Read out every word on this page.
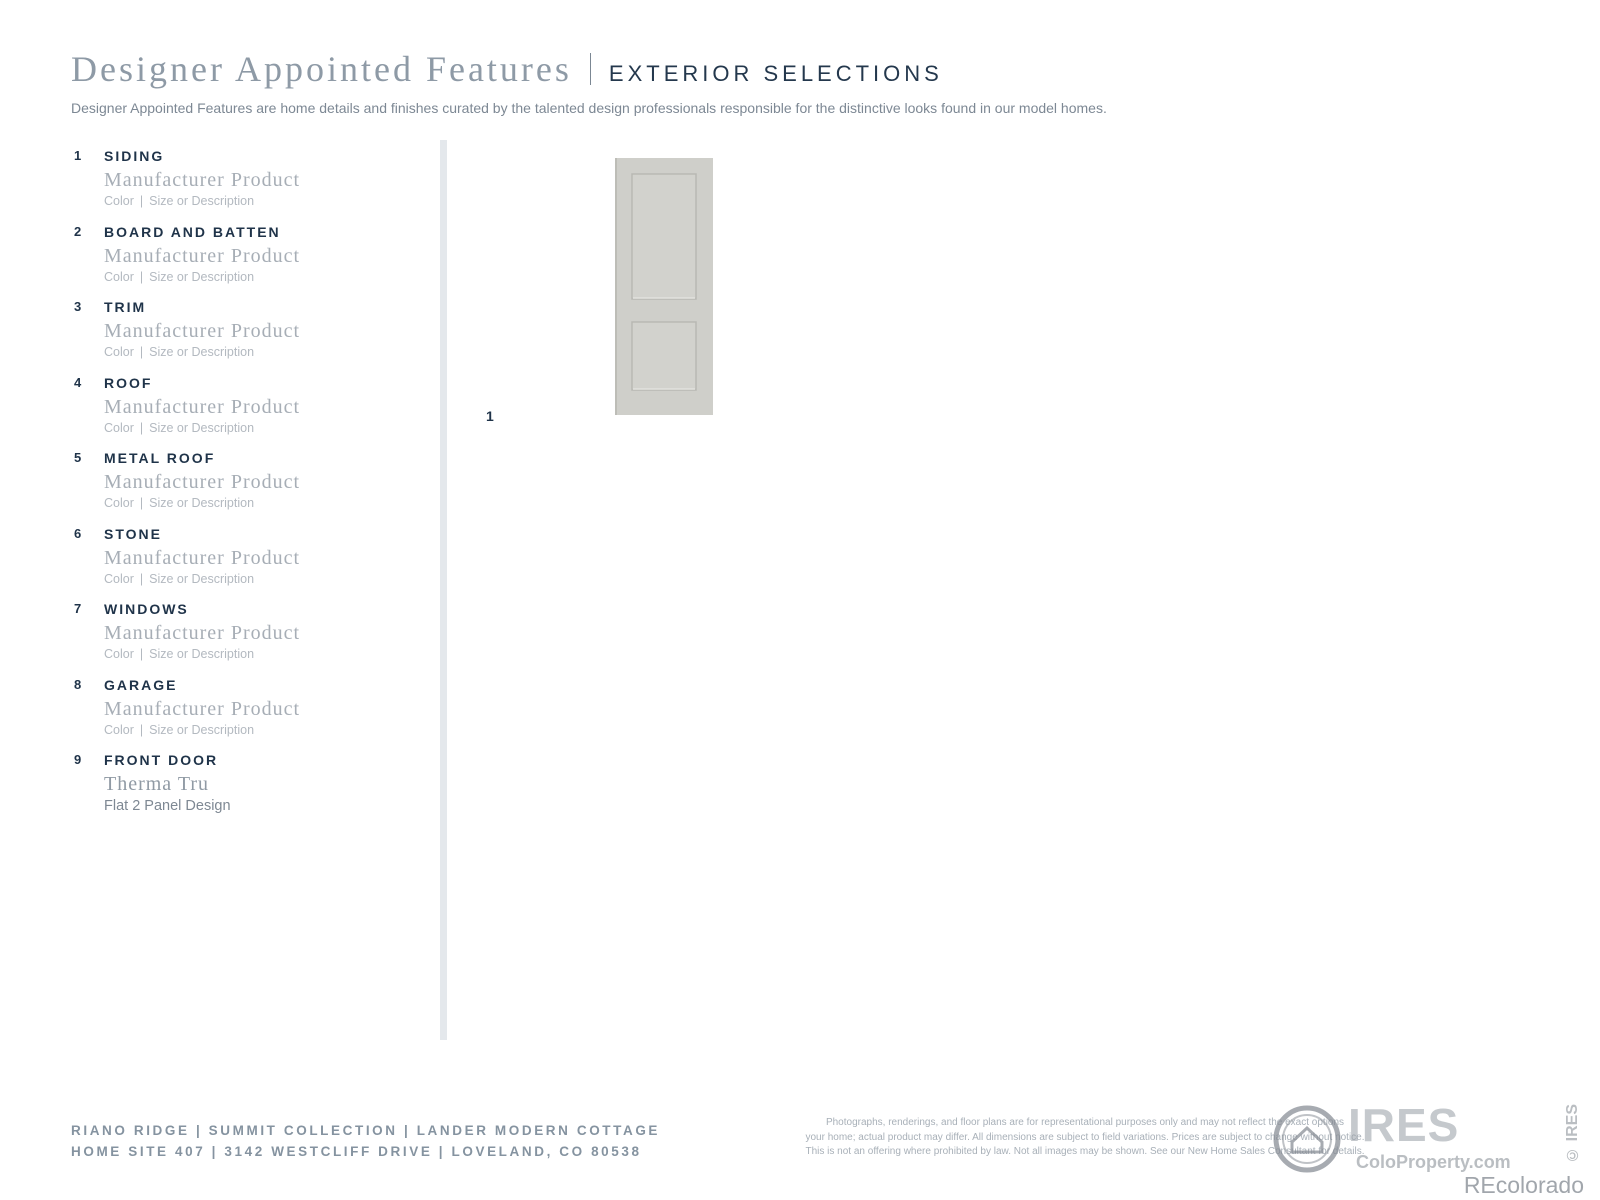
Designer Appointed Features EXTERIOR SELECTIONS
Designer Appointed Features are home details and finishes curated by the talented design professionals responsible for the distinctive looks found in our model homes.
1 SIDING
Manufacturer Product
Color | Size or Description
2 BOARD AND BATTEN
Manufacturer Product
Color | Size or Description
3 TRIM
Manufacturer Product
Color | Size or Description
4 ROOF
Manufacturer Product
Color | Size or Description
5 METAL ROOF
Manufacturer Product
Color | Size or Description
6 STONE
Manufacturer Product
Color | Size or Description
7 WINDOWS
Manufacturer Product
Color | Size or Description
8 GARAGE
Manufacturer Product
Color | Size or Description
9 FRONT DOOR
Therma Tru
Flat 2 Panel Design
1
RIANO RIDGE | SUMMIT COLLECTION | LANDER MODERN COTTAGE
HOME SITE 407 | 3142 WESTCLIFF DRIVE | LOVELAND, CO 80538
Photographs, renderings, and floor plans are for representational purposes only and may not reflect the exact options
your home; actual product may differ. All dimensions are subject to field variations. Prices are subject to change without notice.
This is not an offering where prohibited by law. Not all images may be shown. See our New Home Sales Consultant for details.
IRES
ColoProperty.com
REcolorado
© IRES
